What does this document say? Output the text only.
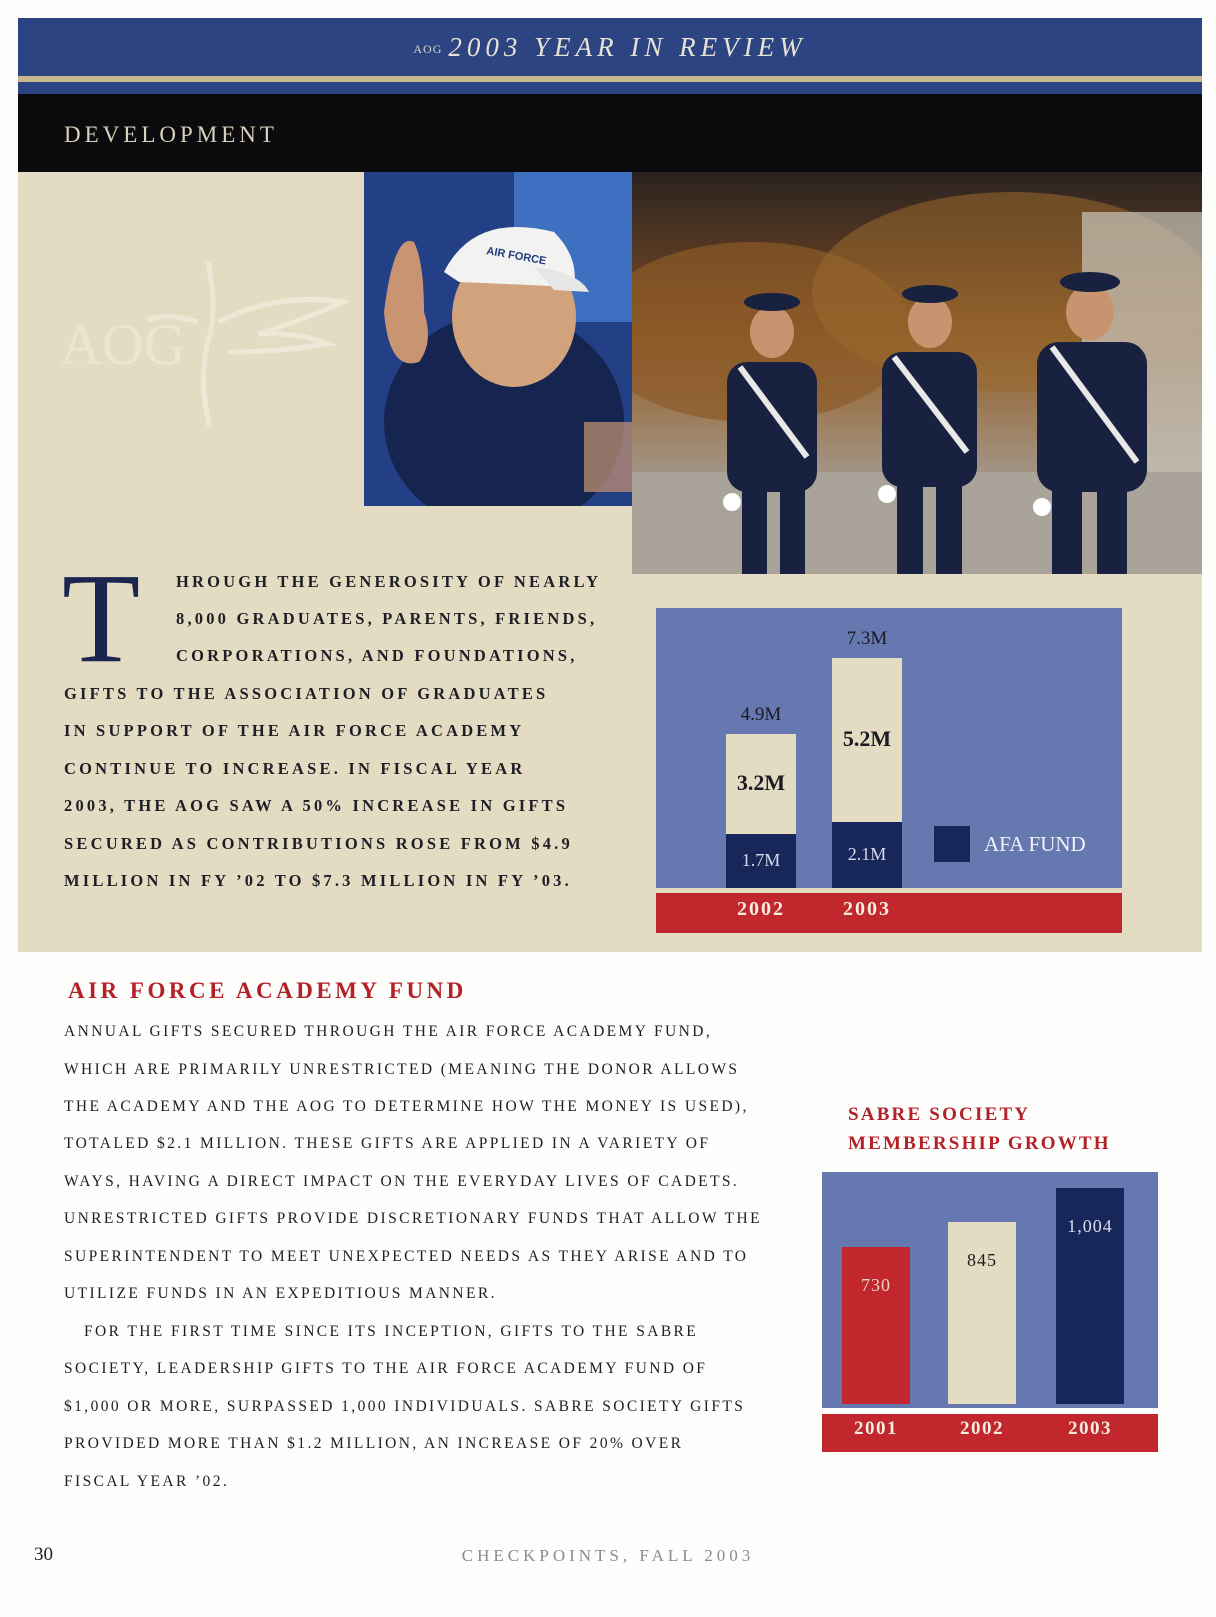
AOG 2003 YEAR IN REVIEW
DEVELOPMENT
AOG
AIR FORCE
T HROUGH THE GENEROSITY OF NEARLY
8,000 GRADUATES, PARENTS, FRIENDS,
CORPORATIONS, AND FOUNDATIONS,
GIFTS TO THE ASSOCIATION OF GRADUATES
IN SUPPORT OF THE AIR FORCE ACADEMY
CONTINUE TO INCREASE. IN FISCAL YEAR
2003, THE AOG SAW A 50% INCREASE IN GIFTS
SECURED AS CONTRIBUTIONS ROSE FROM $4.9
MILLION IN FY ’02 TO $7.3 MILLION IN FY ’03.
1.7M
3.2M
4.9M
2002
2.1M
5.2M
7.3M
2003
AFA FUND
AIR FORCE ACADEMY FUND
ANNUAL GIFTS SECURED THROUGH THE AIR FORCE ACADEMY FUND,
WHICH ARE PRIMARILY UNRESTRICTED (MEANING THE DONOR ALLOWS
THE ACADEMY AND THE AOG TO DETERMINE HOW THE MONEY IS USED),
TOTALED $2.1 MILLION. THESE GIFTS ARE APPLIED IN A VARIETY OF
WAYS, HAVING A DIRECT IMPACT ON THE EVERYDAY LIVES OF CADETS.
UNRESTRICTED GIFTS PROVIDE DISCRETIONARY FUNDS THAT ALLOW THE
SUPERINTENDENT TO MEET UNEXPECTED NEEDS AS THEY ARISE AND TO
UTILIZE FUNDS IN AN EXPEDITIOUS MANNER.
FOR THE FIRST TIME SINCE ITS INCEPTION, GIFTS TO THE SABRE
SOCIETY, LEADERSHIP GIFTS TO THE AIR FORCE ACADEMY FUND OF
$1,000 OR MORE, SURPASSED 1,000 INDIVIDUALS. SABRE SOCIETY GIFTS
PROVIDED MORE THAN $1.2 MILLION, AN INCREASE OF 20% OVER
FISCAL YEAR ’02.
SABRE SOCIETY
MEMBERSHIP GROWTH
730
2001
845
2002
1,004
2003
30	CHECKPOINTS, FALL 2003
